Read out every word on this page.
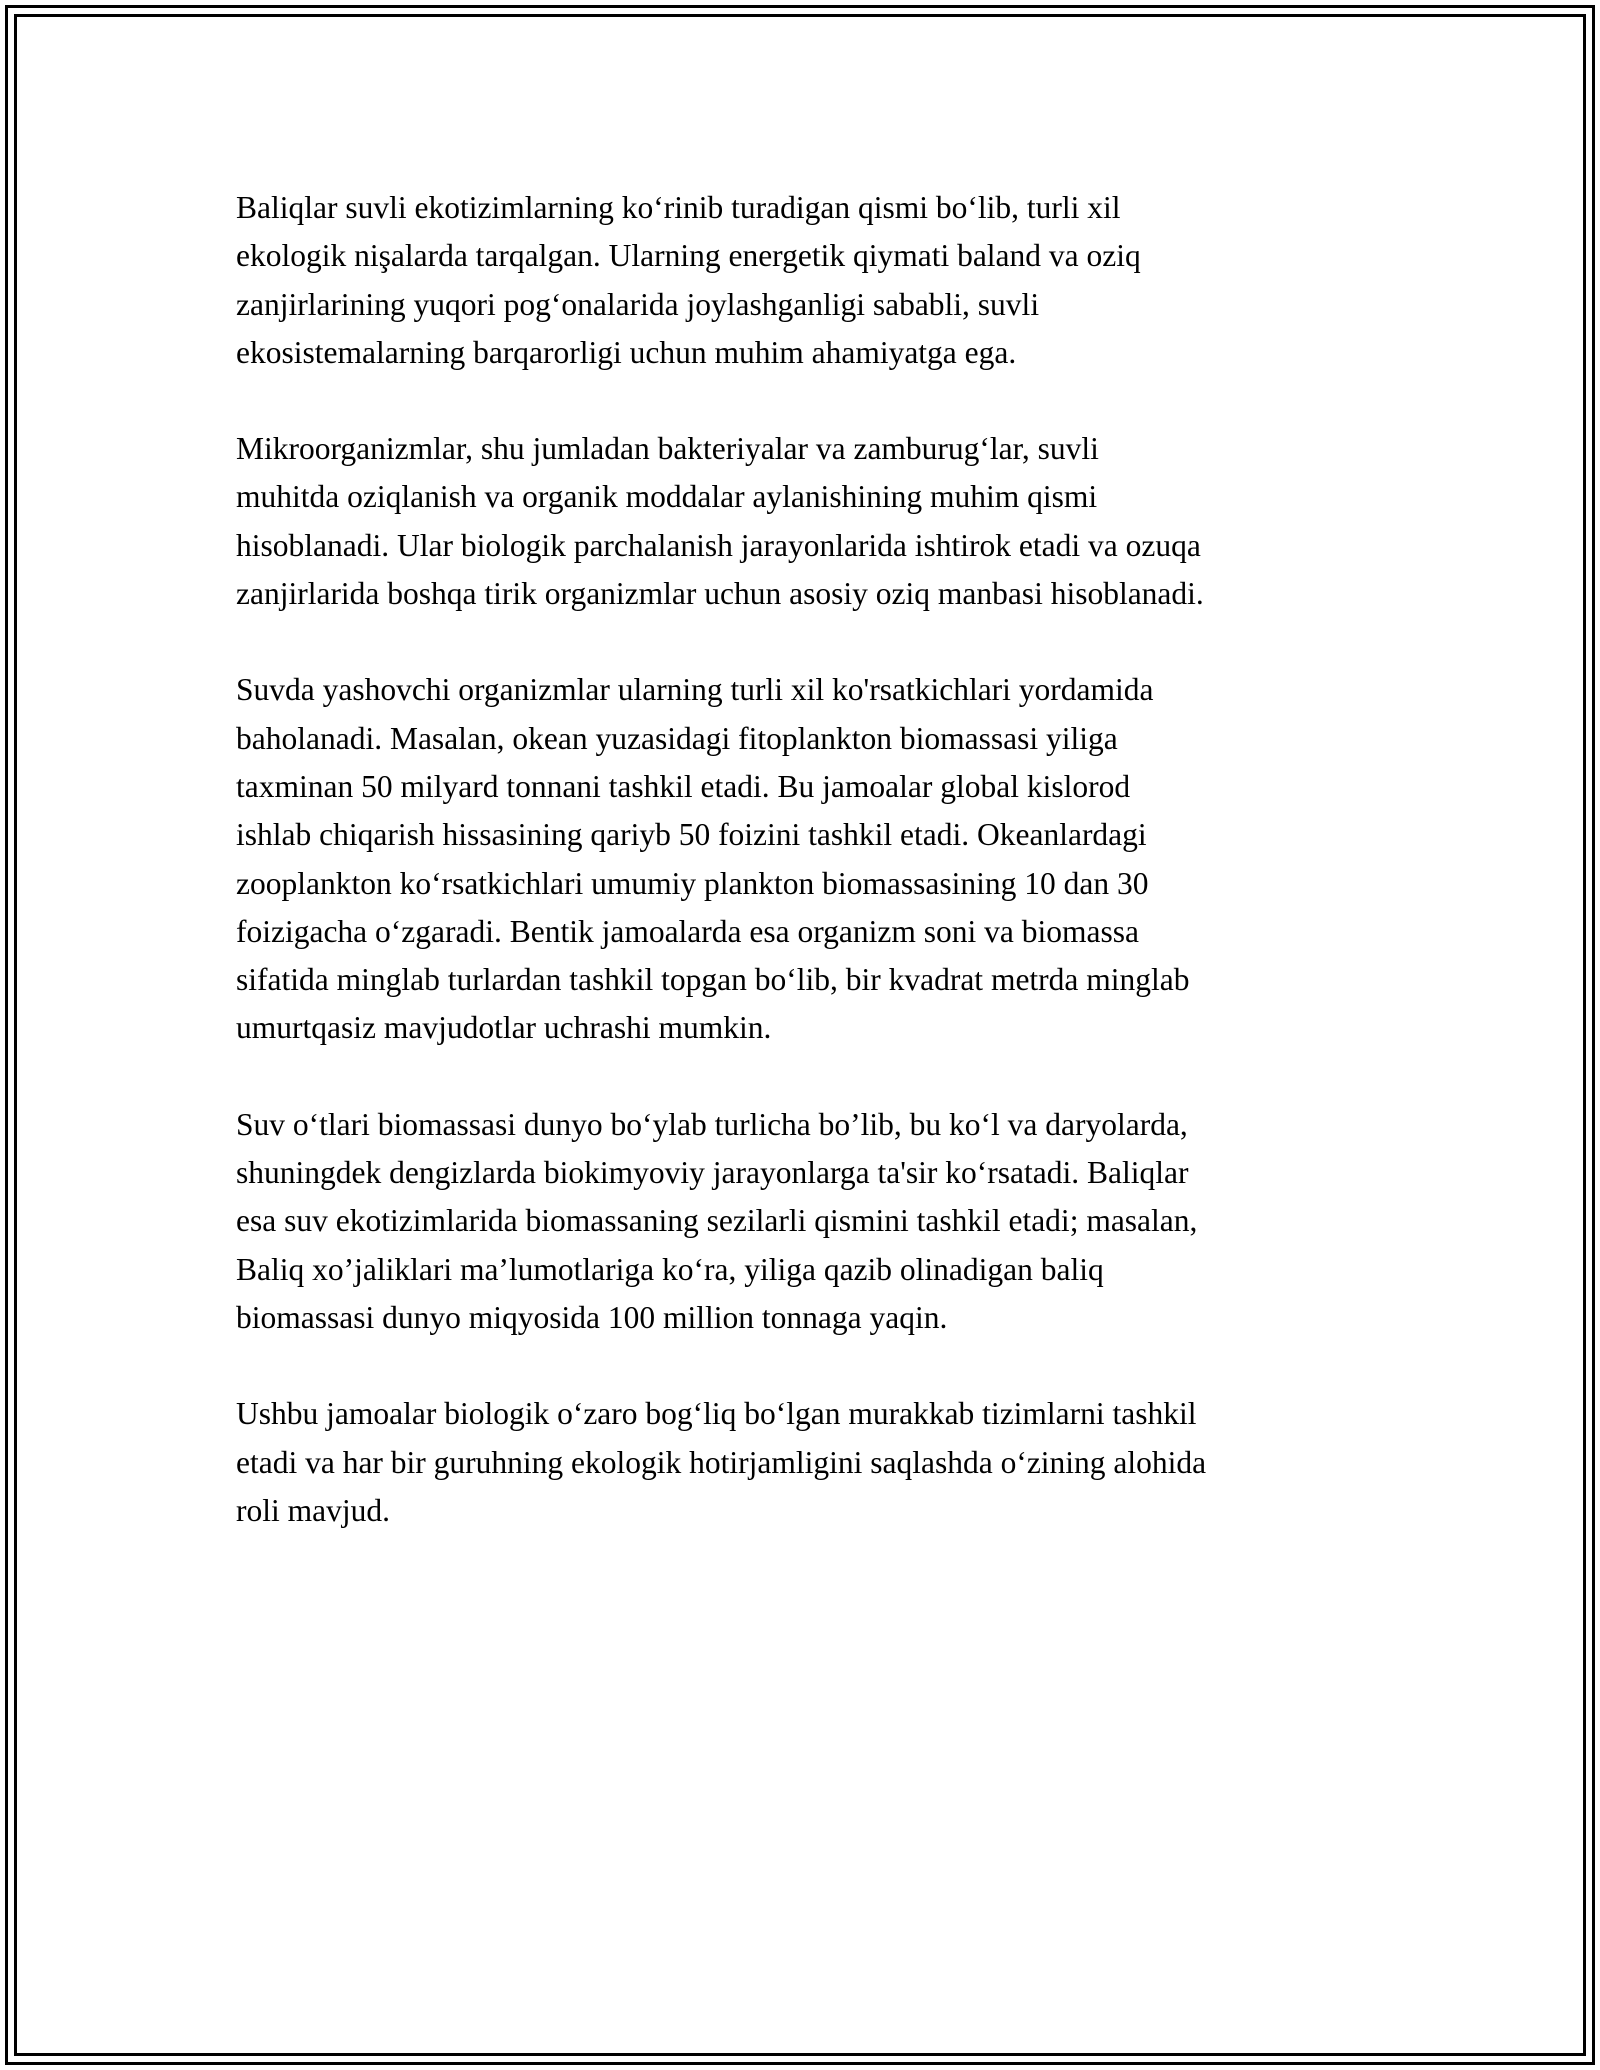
Baliqlar suvli ekotizimlarning ko‘rinib turadigan qismi bo‘lib, turli xil
ekologik nişalarda tarqalgan. Ularning energetik qiymati baland va oziq
zanjirlarining yuqori pog‘onalarida joylashganligi sababli, suvli
ekosistemalarning barqarorligi uchun muhim ahamiyatga ega.

Mikroorganizmlar, shu jumladan bakteriyalar va zamburug‘lar, suvli
muhitda oziqlanish va organik moddalar aylanishining muhim qismi
hisoblanadi. Ular biologik parchalanish jarayonlarida ishtirok etadi va ozuqa
zanjirlarida boshqa tirik organizmlar uchun asosiy oziq manbasi hisoblanadi.

Suvda yashovchi organizmlar ularning turli xil ko'rsatkichlari yordamida
baholanadi. Masalan, okean yuzasidagi fitoplankton biomassasi yiliga
taxminan 50 milyard tonnani tashkil etadi. Bu jamoalar global kislorod
ishlab chiqarish hissasining qariyb 50 foizini tashkil etadi. Okeanlardagi
zooplankton ko‘rsatkichlari umumiy plankton biomassasining 10 dan 30
foizigacha o‘zgaradi. Bentik jamoalarda esa organizm soni va biomassa
sifatida minglab turlardan tashkil topgan bo‘lib, bir kvadrat metrda minglab
umurtqasiz mavjudotlar uchrashi mumkin.

Suv o‘tlari biomassasi dunyo bo‘ylab turlicha bo’lib, bu ko‘l va daryolarda,
shuningdek dengizlarda biokimyoviy jarayonlarga ta'sir ko‘rsatadi. Baliqlar
esa suv ekotizimlarida biomassaning sezilarli qismini tashkil etadi; masalan,
Baliq xo’jaliklari ma’lumotlariga ko‘ra, yiliga qazib olinadigan baliq
biomassasi dunyo miqyosida 100 million tonnaga yaqin.

Ushbu jamoalar biologik o‘zaro bog‘liq bo‘lgan murakkab tizimlarni tashkil
etadi va har bir guruhning ekologik hotirjamligini saqlashda o‘zining alohida
roli mavjud.
